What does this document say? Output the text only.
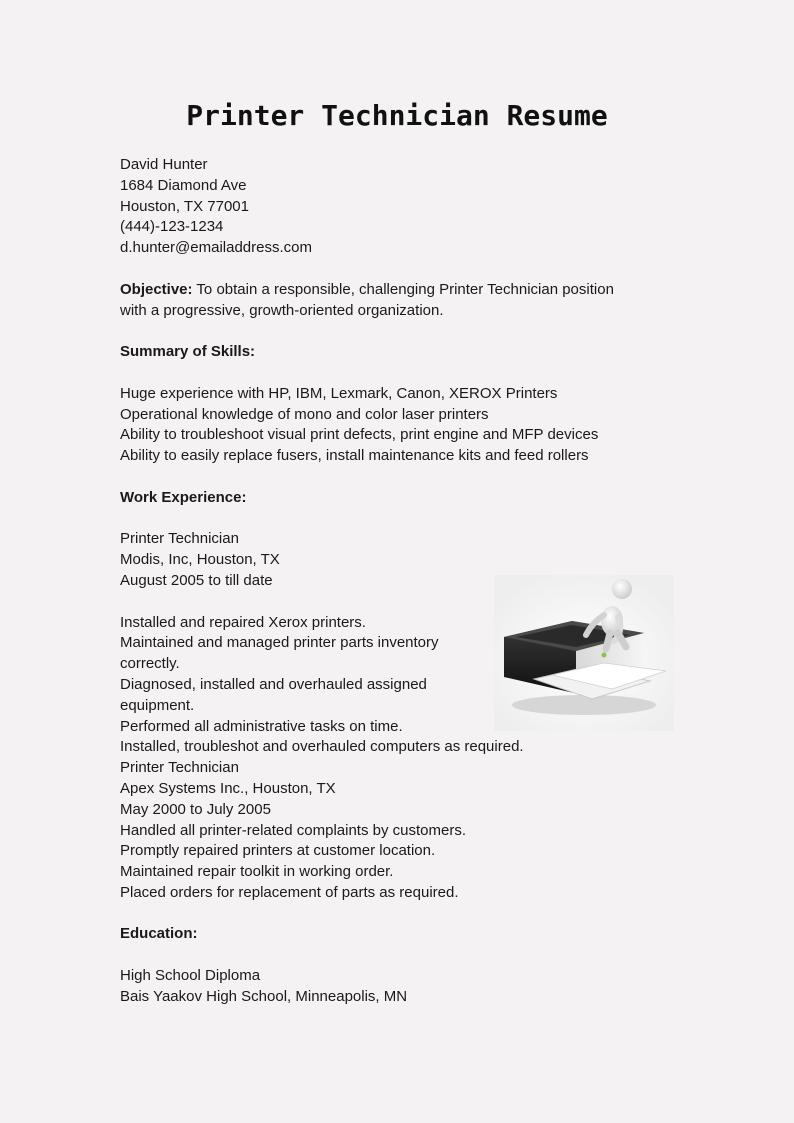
Printer Technician Resume
David Hunter
1684 Diamond Ave
Houston, TX 77001
(444)-123-1234
d.hunter@emailaddress.com
Objective: To obtain a responsible, challenging Printer Technician position
with a progressive, growth-oriented organization.
Summary of Skills:
Huge experience with HP, IBM, Lexmark, Canon, XEROX Printers
Operational knowledge of mono and color laser printers
Ability to troubleshoot visual print defects, print engine and MFP devices
Ability to easily replace fusers, install maintenance kits and feed rollers
Work Experience:
Printer Technician
Modis, Inc, Houston, TX
August 2005 to till date
Installed and repaired Xerox printers.
Maintained and managed printer parts inventory
correctly.
Diagnosed, installed and overhauled assigned
equipment.
Performed all administrative tasks on time.
Installed, troubleshot and overhauled computers as required.
Printer Technician
Apex Systems Inc., Houston, TX
May 2000 to July 2005
Handled all printer-related complaints by customers.
Promptly repaired printers at customer location.
Maintained repair toolkit in working order.
Placed orders for replacement of parts as required.
Education:
High School Diploma
Bais Yaakov High School, Minneapolis, MN
